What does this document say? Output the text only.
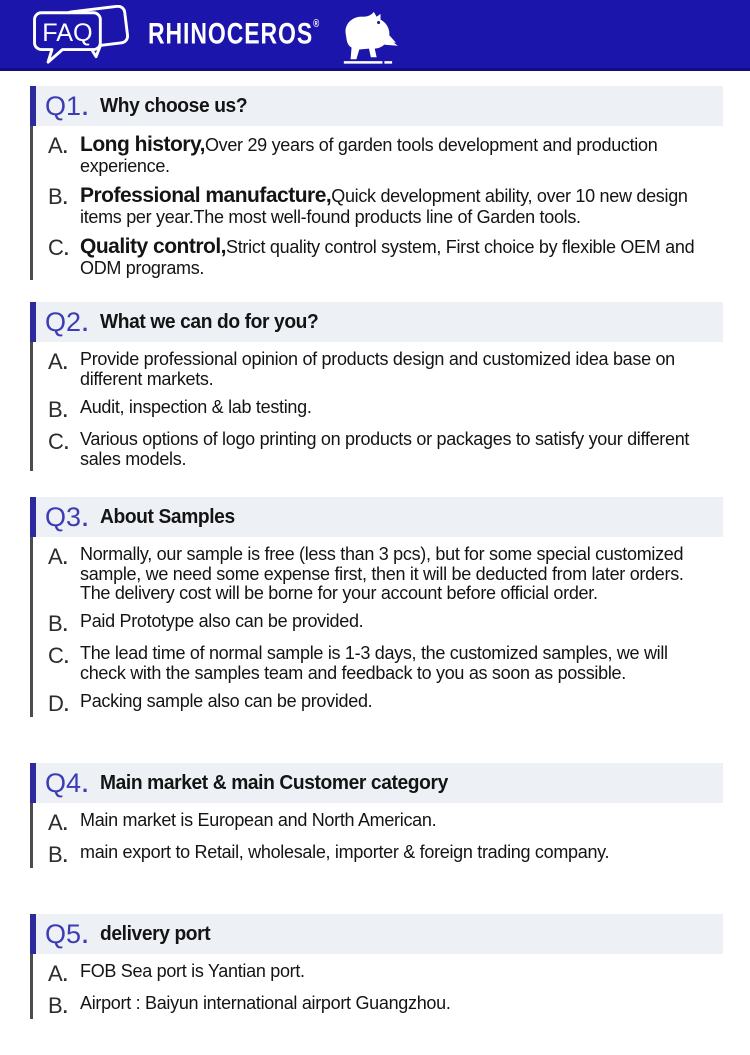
FAQ RHINOCEROS®
Q1 . Why choose us?
A. Long history,Over 29 years of garden tools development and production experience.

B. Professional manufacture,Quick development ability, over 10 new design items per year.The most well-found products line of Garden tools.

C. Quality control,Strict quality control system, First choice by flexible OEM and ODM programs.

Q2 . What we can do for you?
A. Provide professional opinion of products design and customized idea base on different markets.

B. Audit, inspection & lab testing.

C. Various options of logo printing on products or packages to satisfy your different sales models.

Q3 . About Samples
A. Normally, our sample is free (less than 3 pcs), but for some special customized sample, we need some expense first, then it will be deducted from later orders. The delivery cost will be borne for your account before official order.

B. Paid Prototype also can be provided.

C. The lead time of normal sample is 1-3 days, the customized samples, we will check with the samples team and feedback to you as soon as possible.

D. Packing sample also can be provided.

Q4 . Main market & main Customer category
A. Main market is European and North American.

B. main export to Retail, wholesale, importer & foreign trading company.

Q5 . delivery port
A. FOB Sea port is Yantian port.

B. Airport : Baiyun international airport Guangzhou.
